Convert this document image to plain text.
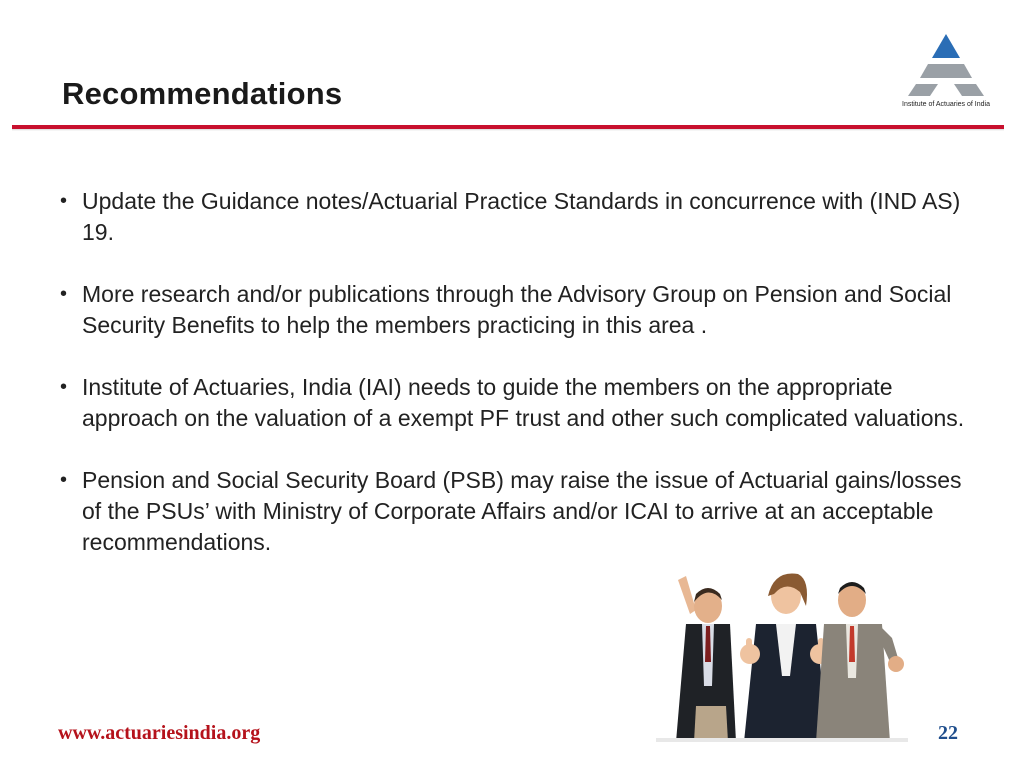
Recommendations	Institute of Actuaries of India
• Update the Guidance notes/Actuarial Practice Standards in concurrence with (IND AS) 19.
• More research and/or publications through the Advisory Group on Pension and Social Security Benefits to help the members practicing in this area .
• Institute of Actuaries, India (IAI) needs to guide the members on the appropriate approach on the valuation of a exempt PF trust and other such complicated valuations.
• Pension and Social Security Board (PSB) may raise the issue of Actuarial gains/losses of the PSUs’ with Ministry of Corporate Affairs and/or ICAI to arrive at an acceptable recommendations.
www.actuariesindia.org	22
